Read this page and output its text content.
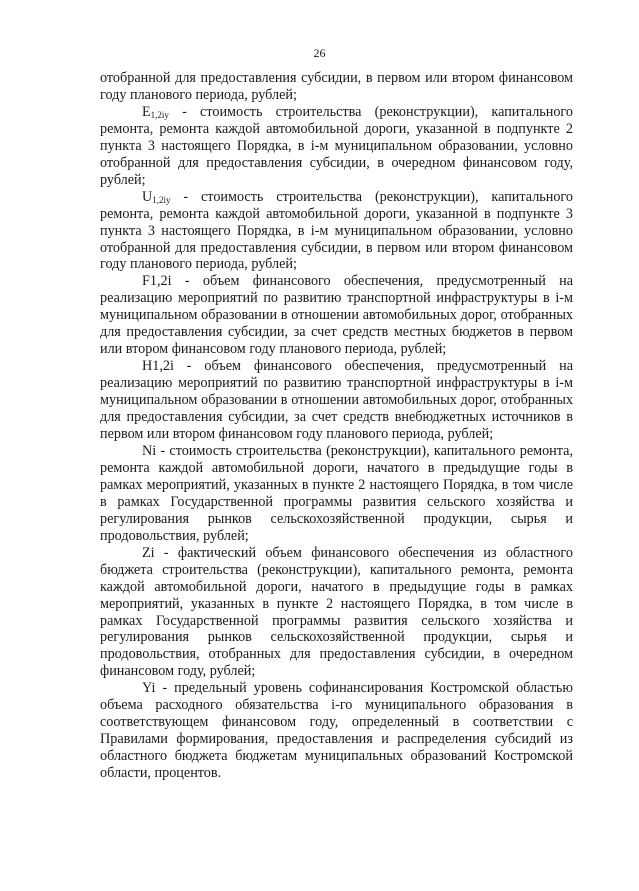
26

отобранной для предоставления субсидии, в первом или втором финансовом году планового периода, рублей;

$E_{1,2iy}$ - стоимость строительства (реконструкции), капитального ремонта, ремонта каждой автомобильной дороги, указанной в подпункте 2 пункта 3 настоящего Порядка, в i-м муниципальном образовании, условно отобранной для предоставления субсидии, в очередном финансовом году, рублей;

$U_{1,2iy}$ - стоимость строительства (реконструкции), капитального ремонта, ремонта каждой автомобильной дороги, указанной в подпункте 3 пункта 3 настоящего Порядка, в i-м муниципальном образовании, условно отобранной для предоставления субсидии, в первом или втором финансовом году планового периода, рублей;

F1,2i - объем финансового обеспечения, предусмотренный на реализацию мероприятий по развитию транспортной инфраструктуры в i-м муниципальном образовании в отношении автомобильных дорог, отобранных для предоставления субсидии, за счет средств местных бюджетов в первом или втором финансовом году планового периода, рублей;

H1,2i - объем финансового обеспечения, предусмотренный на реализацию мероприятий по развитию транспортной инфраструктуры в i-м муниципальном образовании в отношении автомобильных дорог, отобранных для предоставления субсидии, за счет средств внебюджетных источников в первом или втором финансовом году планового периода, рублей;

Ni - стоимость строительства (реконструкции), капитального ремонта, ремонта каждой автомобильной дороги, начатого в предыдущие годы в рамках мероприятий, указанных в пункте 2 настоящего Порядка, в том числе в рамках Государственной программы развития сельского хозяйства и регулирования рынков сельскохозяйственной продукции, сырья и продовольствия, рублей;

Zi - фактический объем финансового обеспечения из областного бюджета строительства (реконструкции), капитального ремонта, ремонта каждой автомобильной дороги, начатого в предыдущие годы в рамках мероприятий, указанных в пункте 2 настоящего Порядка, в том числе в рамках Государственной программы развития сельского хозяйства и регулирования рынков сельскохозяйственной продукции, сырья и продовольствия, отобранных для предоставления субсидии, в очередном финансовом году, рублей;

Yi - предельный уровень софинансирования Костромской областью объема расходного обязательства i-го муниципального образования в соответствующем финансовом году, определенный в соответствии с Правилами формирования, предоставления и распределения субсидий из областного бюджета бюджетам муниципальных образований Костромской области, процентов.
